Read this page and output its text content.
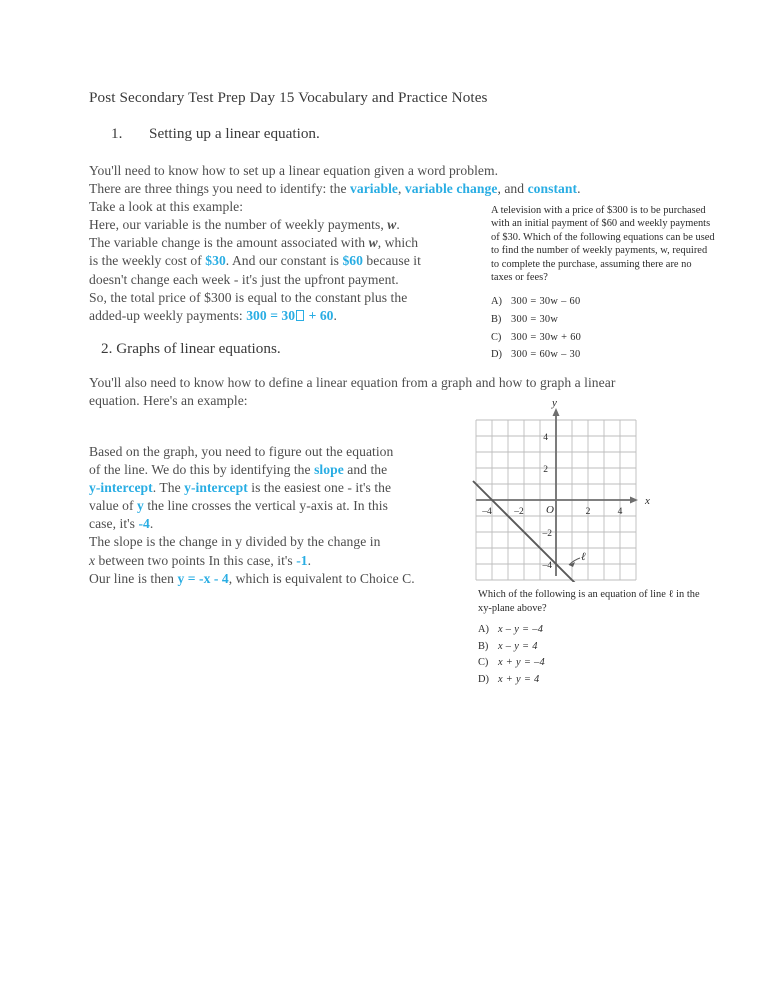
Post Secondary Test Prep Day 15 Vocabulary and Practice Notes
1. Setting up a linear equation.
You'll need to know how to set up a linear equation given a word problem.
There are three things you need to identify: the variable, variable change, and constant.
Take a look at this example:
Here, our variable is the number of weekly payments, w.
The variable change is the amount associated with w, which
is the weekly cost of $30. And our constant is $60 because it
doesn't change each week - it's just the upfront payment.
So, the total price of $300 is equal to the constant plus the
added-up weekly payments: 300 = 30 + 60.
A television with a price of $300 is to be purchased
with an initial payment of $60 and weekly payments
of $30. Which of the following equations can be used
to find the number of weekly payments, w, required
to complete the purchase, assuming there are no
taxes or fees?
A) 300 = 30w – 60
B) 300 = 30w
C) 300 = 30w + 60
D) 300 = 60w – 30
2. Graphs of linear equations.
You'll also need to know how to define a linear equation from a graph and how to graph a linear
equation. Here's an example:
Based on the graph, you need to figure out the equation
of the line. We do this by identifying the slope and the
y-intercept. The y-intercept is the easiest one - it's the
value of y the line crosses the vertical y-axis at. In this
case, it's -4.
The slope is the change in y divided by the change in
x between two points In this case, it's -1.
Our line is then y = -x - 4, which is equivalent to Choice C.
x
y
O
–4 –2	2	4
4
2
–2
–4
ℓ
Which of the following is an equation of line ℓ in the
xy-plane above?
A) x – y = –4
B) x – y = 4
C) x + y = –4
D) x + y = 4
